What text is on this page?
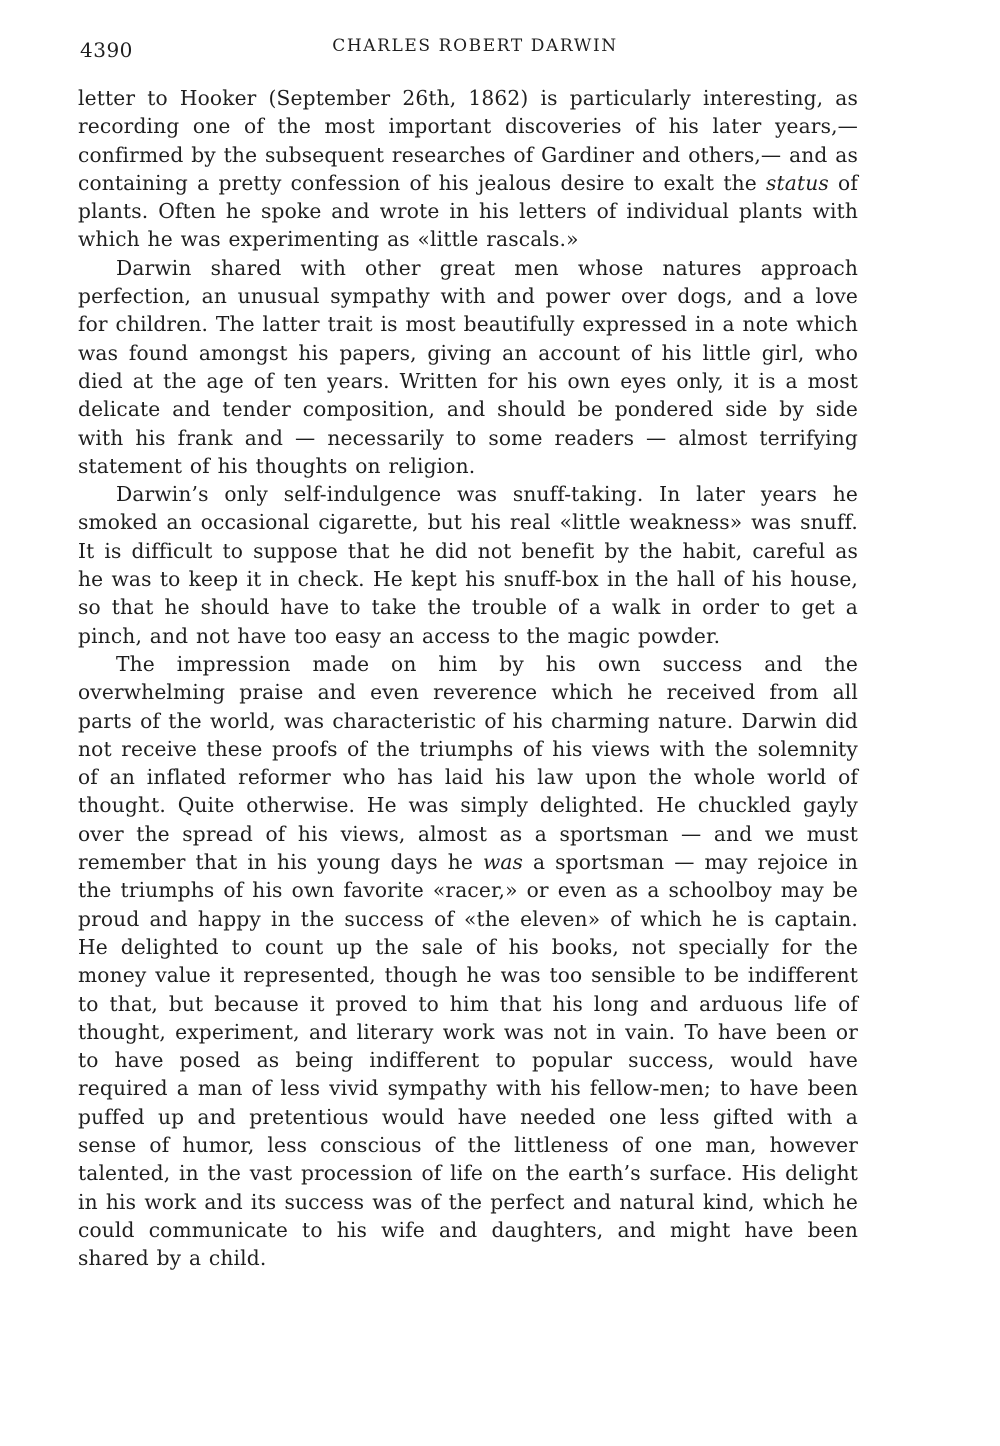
4390	CHARLES ROBERT DARWIN

letter to Hooker (September 26th, 1862) is particularly interesting, as recording one of the most important discoveries of his later years,—confirmed by the subsequent researches of Gardiner and others,— and as containing a pretty confession of his jealous desire to exalt the status of plants. Often he spoke and wrote in his letters of individual plants with which he was experimenting as «little rascals.»

Darwin shared with other great men whose natures approach perfection, an unusual sympathy with and power over dogs, and a love for children. The latter trait is most beautifully expressed in a note which was found amongst his papers, giving an account of his little girl, who died at the age of ten years. Written for his own eyes only, it is a most delicate and tender composition, and should be pondered side by side with his frank and — necessarily to some readers — almost terrifying statement of his thoughts on religion.

Darwin’s only self-indulgence was snuff-taking. In later years he smoked an occasional cigarette, but his real «little weakness» was snuff. It is difficult to suppose that he did not benefit by the habit, careful as he was to keep it in check. He kept his snuff-box in the hall of his house, so that he should have to take the trouble of a walk in order to get a pinch, and not have too easy an access to the magic powder.

The impression made on him by his own success and the overwhelming praise and even reverence which he received from all parts of the world, was characteristic of his charming nature. Darwin did not receive these proofs of the triumphs of his views with the solemnity of an inflated reformer who has laid his law upon the whole world of thought. Quite otherwise. He was simply delighted. He chuckled gayly over the spread of his views, almost as a sportsman — and we must remember that in his young days he was a sportsman — may rejoice in the triumphs of his own favorite «racer,» or even as a schoolboy may be proud and happy in the success of «the eleven» of which he is captain. He delighted to count up the sale of his books, not specially for the money value it represented, though he was too sensible to be indifferent to that, but because it proved to him that his long and arduous life of thought, experiment, and literary work was not in vain. To have been or to have posed as being indifferent to popular success, would have required a man of less vivid sympathy with his fellow-men; to have been puffed up and pretentious would have needed one less gifted with a sense of humor, less conscious of the littleness of one man, however talented, in the vast procession of life on the earth’s surface. His delight in his work and its success was of the perfect and natural kind, which he could communicate to his wife and daughters, and might have been shared by a child.
